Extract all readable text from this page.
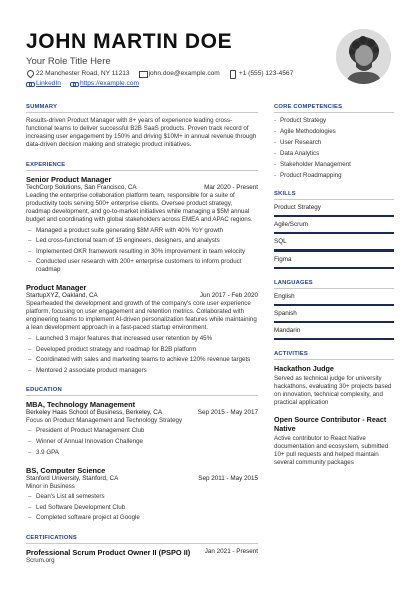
JOHN MARTIN DOE
Your Role Title Here
22 Manchester Road, NY 11213	john.doe@example.com	+1 (555) 123-4567
LinkedIn	https://example.com
SUMMARY
Results-driven Product Manager with 8+ years of experience leading cross-functional teams to deliver successful B2B SaaS products. Proven track record of increasing user engagement by 150% and driving $10M+ in annual revenue through data-driven decision making and strategic product initiatives.
EXPERIENCE
Senior Product Manager
TechCorp Solutions, San Francisco, CA	Mar 2020 - Present
Leading the enterprise collaboration platform team, responsible for a suite of productivity tools serving 500+ enterprise clients. Oversee product strategy, roadmap development, and go-to-market initiatives while managing a $5M annual budget and coordinating with global stakeholders across EMEA and APAC regions.
– Managed a product suite generating $8M ARR with 40% YoY growth
– Led cross-functional team of 15 engineers, designers, and analysts
– Implemented OKR framework resulting in 30% improvement in team velocity
– Conducted user research with 200+ enterprise customers to inform product roadmap
Product Manager
StartupXYZ, Oakland, CA	Jun 2017 - Feb 2020
Spearheaded the development and growth of the company's core user experience platform, focusing on user engagement and retention metrics. Collaborated with engineering teams to implement AI-driven personalization features while maintaining a lean development approach in a fast-paced startup environment.
– Launched 3 major features that increased user retention by 45%
– Developed product strategy and roadmap for B2B platform
– Coordinated with sales and marketing teams to achieve 120% revenue targets
– Mentored 2 associate product managers
EDUCATION
MBA, Technology Management
Berkeley Haas School of Business, Berkeley, CA	Sep 2015 - May 2017
Focus on Product Management and Technology Strategy
– President of Product Management Club
– Winner of Annual Innovation Challenge
– 3.9 GPA
BS, Computer Science
Stanford University, Stanford, CA	Sep 2011 - May 2015
Minor in Business
– Dean's List all semesters
– Led Software Development Club
– Completed software project at Google
CERTIFICATIONS
Professional Scrum Product Owner II (PSPO II) Jan 2021 - Present
Scrum.org
CORE COMPETENCIES
- Product Strategy
- Agile Methodologies
- User Research
- Data Analytics
- Stakeholder Management
- Product Roadmapping
SKILLS
Product Strategy
Agile/Scrum
SQL
Figma
LANGUAGES
English
Spanish
Mandarin
ACTIVITIES
Hackathon Judge
Served as technical judge for university hackathons, evaluating 30+ projects based on innovation, technical complexity, and practical application
Open Source Contributor - React Native
Active contributor to React Native documentation and ecosystem, submitted 10+ pull requests and helped maintain several community packages
